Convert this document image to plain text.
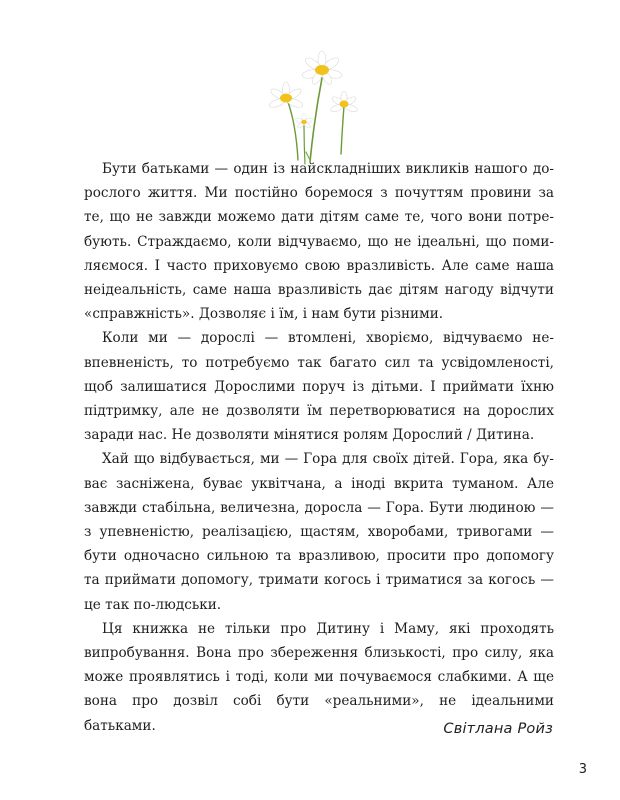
Бути батьками — один із найскладніших викликів нашого дорослого життя. Ми постійно боремося з почуттям провини за те, що не завжди можемо дати дітям саме те, чого вони потребують. Страждаємо, коли відчуваємо, що не ідеальні, що помиляємося. І часто приховуємо свою вразливість. Але саме наша неідеальність, саме наша вразливість дає дітям нагоду відчути «справжність». Дозволяє і їм, і нам бути різними.

Коли ми — дорослі — втомлені, хворіємо, відчуваємо невпевненість, то потребуємо так багато сил та усвідомленості, щоб залишатися Дорослими поруч із дітьми. І приймати їхню підтримку, але не дозволяти їм перетворюватися на дорослих заради нас. Не дозволяти мінятися ролям Дорослий / Дитина.

Хай що відбувається, ми — Гора для своїх дітей. Гора, яка буває засніжена, буває уквітчана, а іноді вкрита туманом. Але завжди стабільна, величезна, доросла — Гора. Бути людиною — з упевненістю, реалізацією, щастям, хворобами, тривогами — бути одночасно сильною та вразливою, просити про допомогу та приймати допомогу, тримати когось і триматися за когось — це так по-людськи.

Ця книжка не тільки про Дитину і Маму, які проходять випробування. Вона про збереження близькості, про силу, яка може проявлятись і тоді, коли ми почуваємося слабкими. А ще вона про дозвіл собі бути «реальними», не ідеальними батьками.	Світлана Ройз
3
